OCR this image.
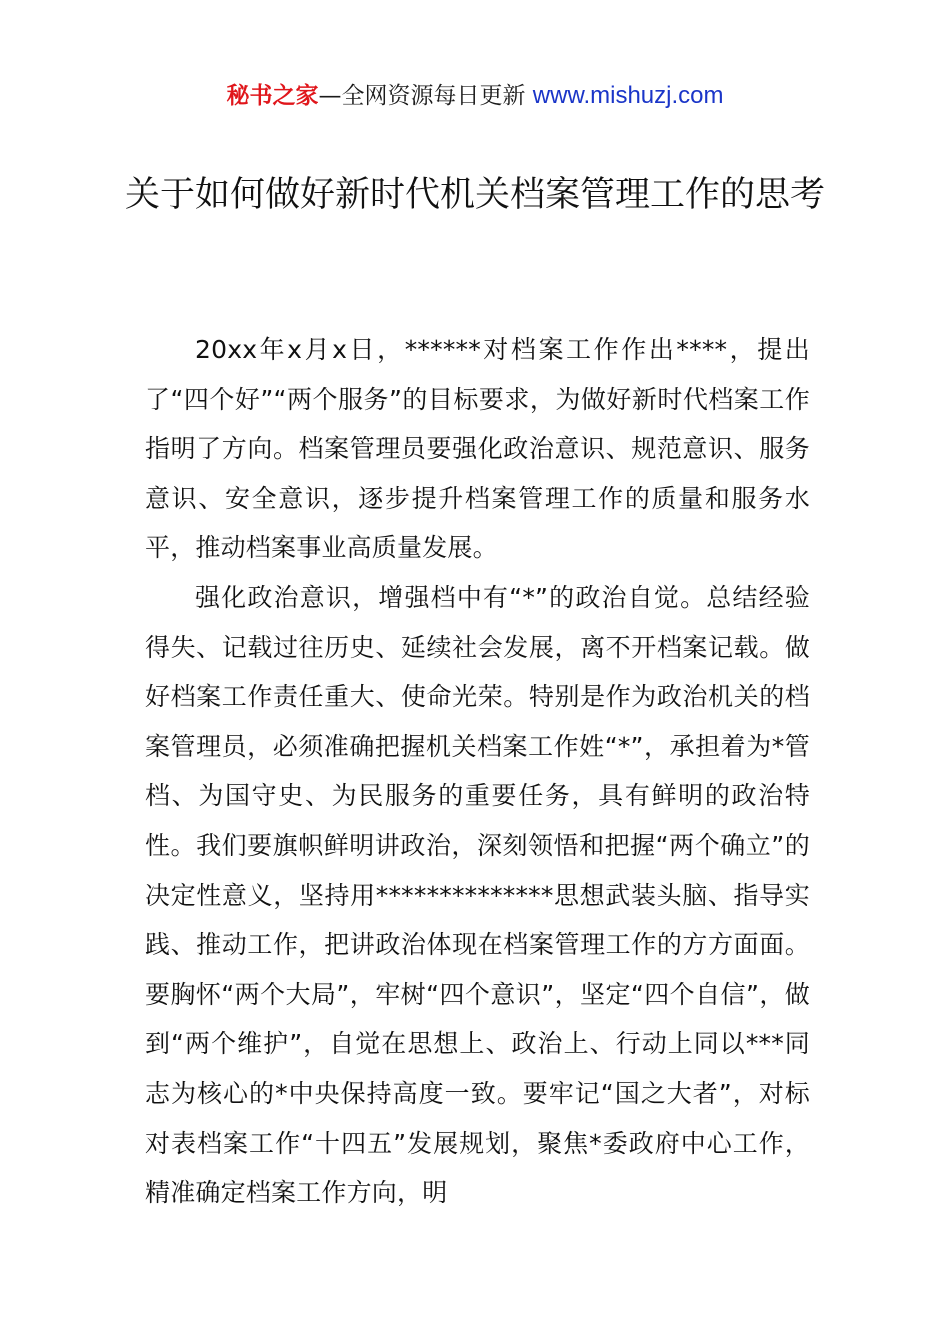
秘书之家—全网资源每日更新 www.mishuzj.com
关于如何做好新时代机关档案管理工作的思考

20xx年x月x日，******对档案工作作出****，提出了“四个好”“两个服务”的目标要求，为做好新时代档案工作指明了方向。档案管理员要强化政治意识、规范意识、服务意识、安全意识，逐步提升档案管理工作的质量和服务水平，推动档案事业高质量发展。

强化政治意识，增强档中有“*”的政治自觉。总结经验得失、记载过往历史、延续社会发展，离不开档案记载。做好档案工作责任重大、使命光荣。特别是作为政治机关的档案管理员，必须准确把握机关档案工作姓“*”，承担着为*管档、为国守史、为民服务的重要任务，具有鲜明的政治特性。我们要旗帜鲜明讲政治，深刻领悟和把握“两个确立”的决定性意义，坚持用**************思想武装头脑、指导实践、推动工作，把讲政治体现在档案管理工作的方方面面。要胸怀“两个大局”，牢树“四个意识”，坚定“四个自信”，做到“两个维护”，自觉在思想上、政治上、行动上同以***同志为核心的*中央保持高度一致。要牢记“国之大者”，对标对表档案工作“十四五”发展规划，聚焦*委政府中心工作，精准确定档案工作方向，明
